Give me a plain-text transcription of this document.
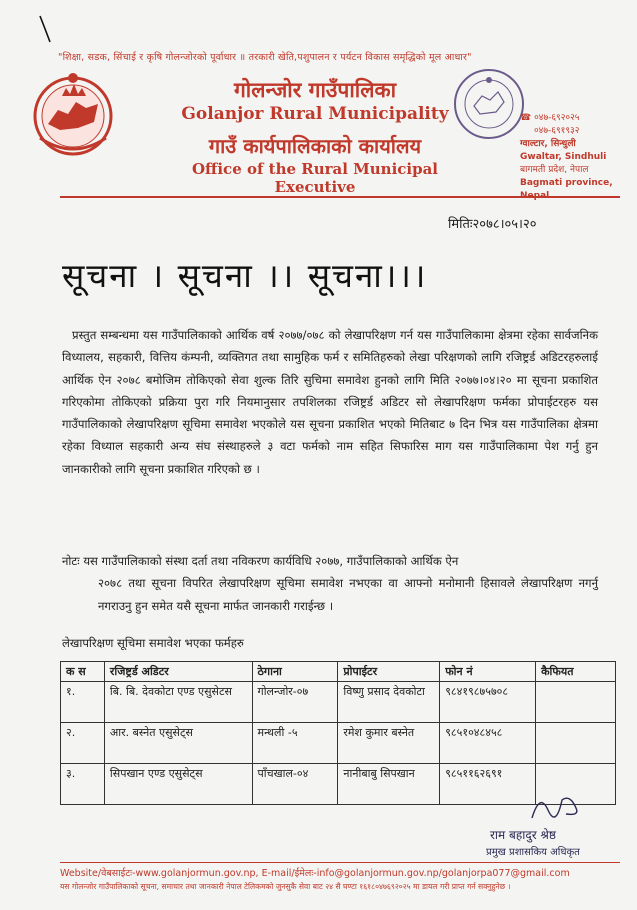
"शिक्षा, सडक, सिंचाई र कृषि गोलन्जोरको पूर्वाधार ॥ तरकारी खेति,पशुपालन र पर्यटन विकास समृद्धिको मूल आधार"
गोलन्जोर गाउँपालिका
Golanjor Rural Municipality
गाउँ कार्यपालिकाको कार्यालय
Office of the Rural Municipal Executive
☎ ०४७-६९२०२५
०४७-६९१९३२
ग्वाल्टार, सिन्धुली
Gwaltar, Sindhuli
बागमती प्रदेश, नेपाल
Bagmati province,
मितिः२०७८।०५।२०
सूचना । सूचना ।। सूचना।।।

प्रस्तुत सम्बन्धमा यस गाउँपालिकाको आर्थिक वर्ष २०७७/०७८ को लेखापरिक्षण गर्न यस गाउँपालिकामा क्षेत्रमा रहेका सार्वजनिक विध्यालय, सहकारी, वित्तिय कंम्पनी, व्यक्तिगत तथा सामुहिक फर्म र समितिहरुको लेखा परिक्षणको लागि रजिष्ट्रर्ड अडिटरहरुलाई आर्थिक ऐन २०७८ बमोजिम तोकिएको सेवा शुल्क तिरि सुचिमा समावेश हुनको लागि मिति २०७७।०४।२० मा सूचना प्रकाशित गरिएकोमा तोकिएको प्रक्रिया पुरा गरि नियमानुसार तपशिलका रजिष्ट्रर्ड अडिटर सो लेखापरिक्षण फर्मका प्रोपाईटरहरु यस गाउँपालिकाको लेखापरिक्षण सूचिमा समावेश भएकोले यस सूचना प्रकाशित भएको मितिबाट ७ दिन भित्र यस गाउँपालिका क्षेत्रमा रहेका विध्याल सहकारी अन्य संघ संस्थाहरुले ३ वटा फर्मको नाम सहित सिफारिस माग यस गाउँपालिकामा पेश गर्नु हुन जानकारीको लागि सूचना प्रकाशित गरिएको छ ।

नोटः यस गाउँपालिकाको संस्था दर्ता तथा नविकरण कार्यविधि २०७७, गाउँपालिकाको आर्थिक ऐन
२०७८ तथा सूचना विपरित लेखापरिक्षण सूचिमा समावेश नभएका वा आफ्नो मनोमानी हिसावले लेखापरिक्षण नगर्नु नगराउनु हुन समेत यसै सूचना मार्फत जानकारी गराईन्छ ।
लेखापरिक्षण सूचिमा समावेश भएका फर्महरु
क स	रजिष्ट्रर्ड अडिटर	ठेगाना	प्रोपाईटर	फोन नं	कैफियत
१.	बि. बि. देवकोटा एण्ड एसुसेटस	गोलन्जोर-०७	विष्णु प्रसाद देवकोटा	९८४१९८७५७०८	
२.	आर. बस्नेत एसुसेट्स	मन्थली -५	रमेश कुमार बस्नेत	९८५१०४८४५८	
३.	सिपखान एण्ड एसुसेट्स	पाँचखाल-०४	नानीबाबु सिपखान	९८५११६२६९१	
राम बहादुर श्रेष्ठ
प्रमुख प्रशासकिय अधिकृत
Website/वेबसाईटः-www.golanjormun.gov.np, E-mail/ईमेलः-info@golanjormun.gov.np/golanjorpa077@gmail.com
यस गोलन्जोर गाउँपालिकाको सूचना, समाचार तथा जानकारी नेपाल टेलिकमको जुनसुकै सेवा बाट २४ सै घण्टा १६१८०४७६९२०२५ मा डायल गरी प्राप्त गर्न सक्नुहुनेछ ।
